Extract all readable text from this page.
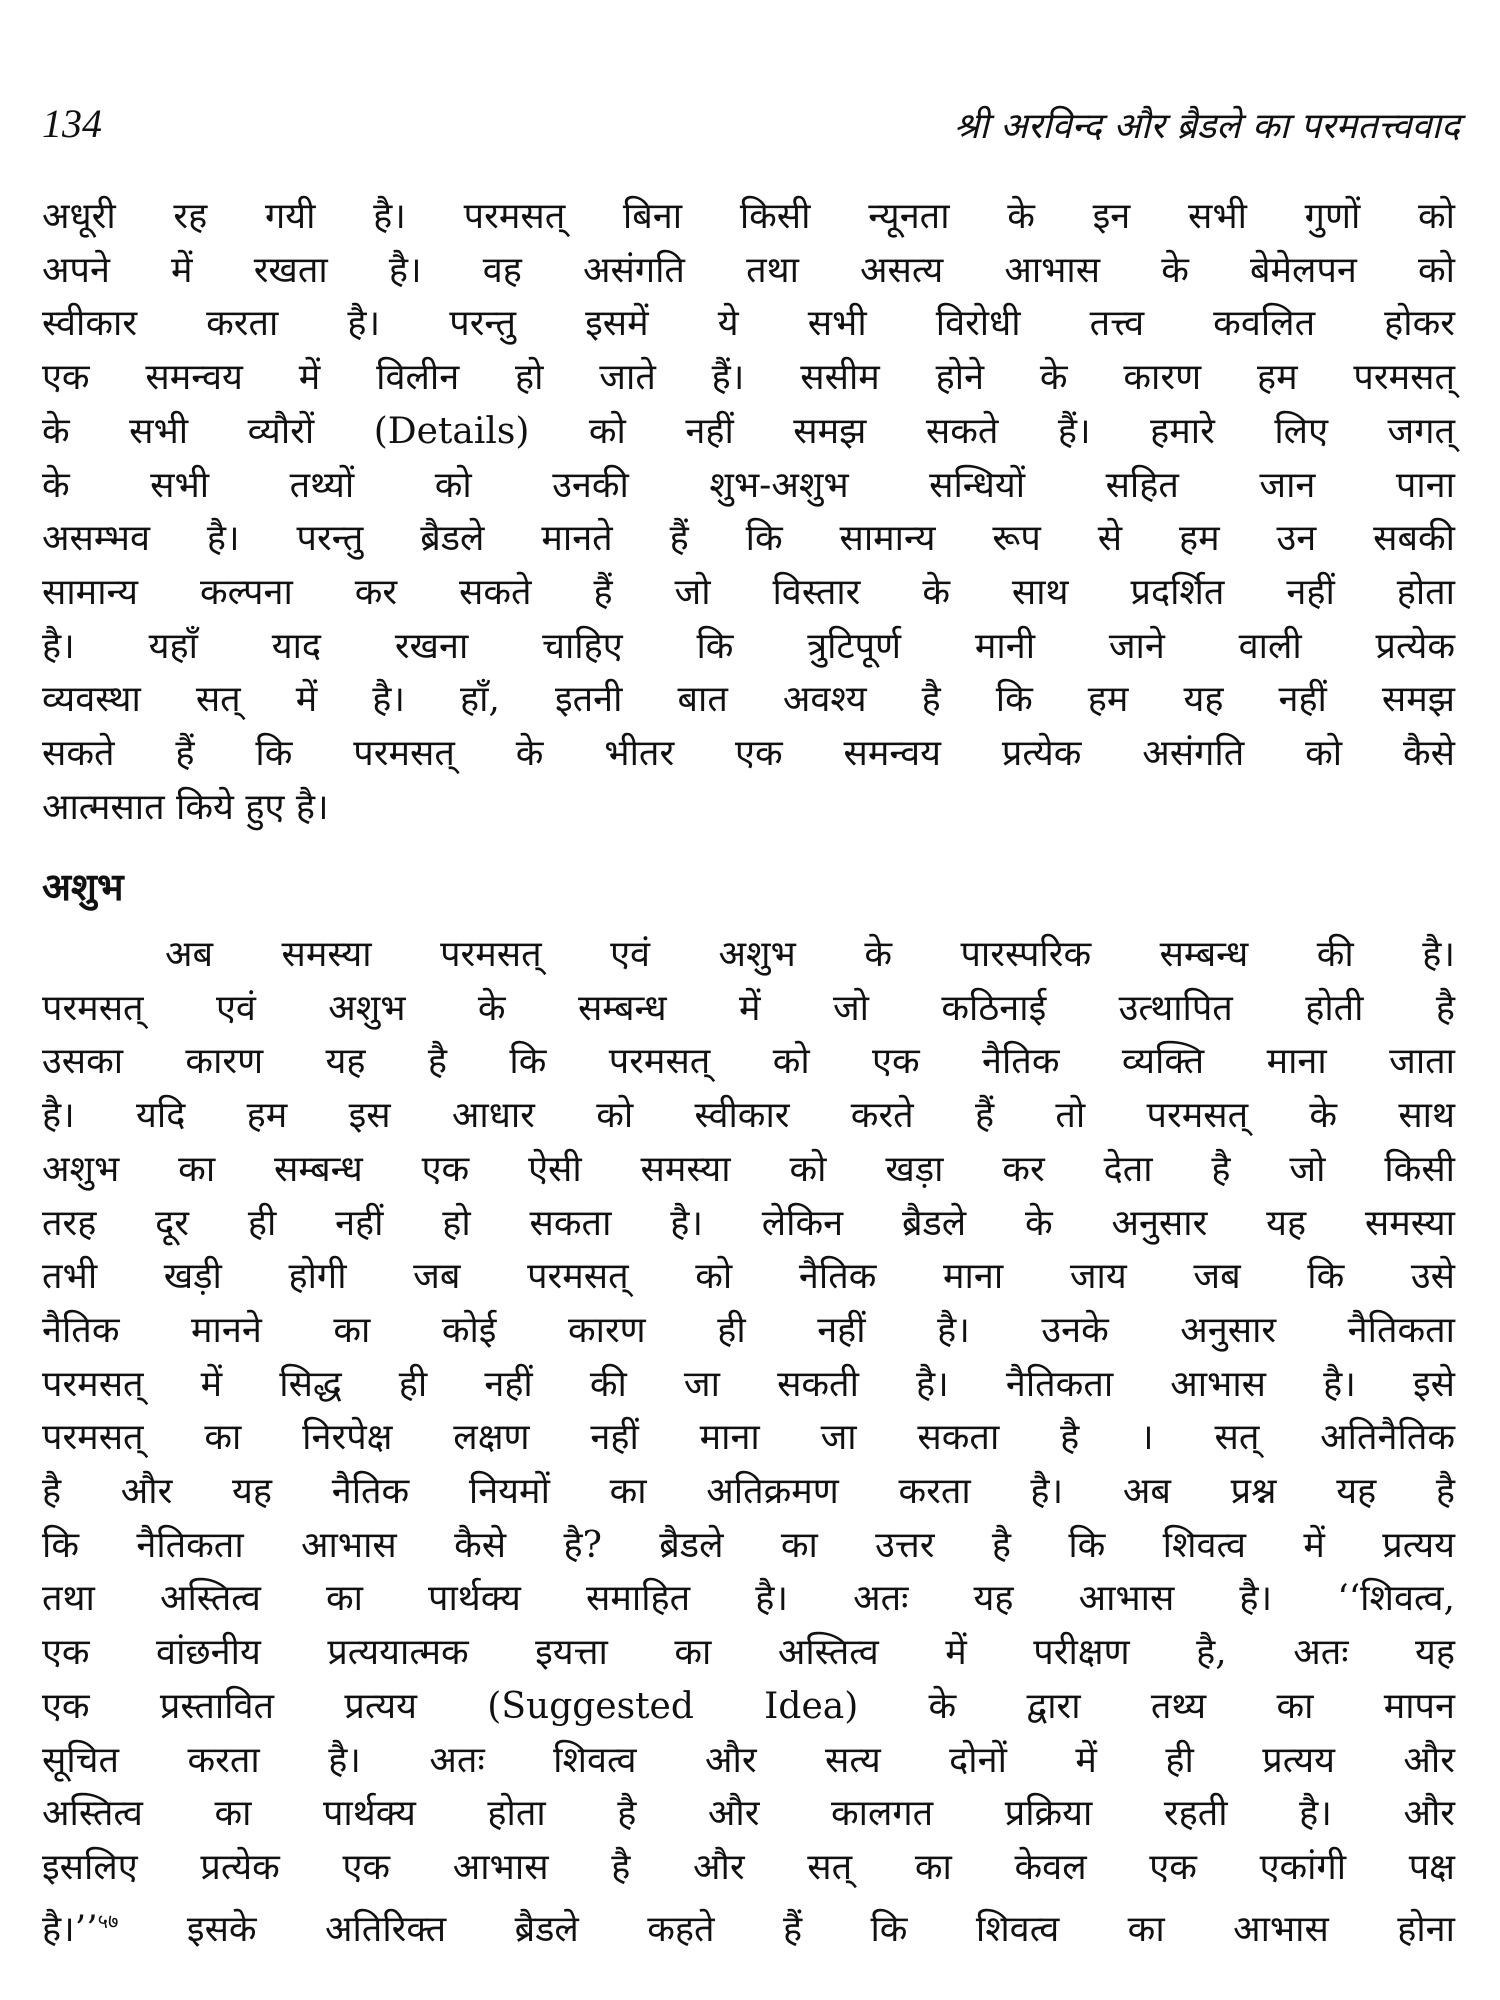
134	श्री अरविन्द और ब्रैडले का परमतत्त्ववाद
अधूरी रह गयी है। परमसत् बिना किसी न्यूनता के इन सभी गुणों को
अपने में रखता है। वह असंगति तथा असत्य आभास के बेमेलपन को
स्वीकार करता है। परन्तु इसमें ये सभी विरोधी तत्त्व कवलित होकर
एक समन्वय में विलीन हो जाते हैं। ससीम होने के कारण हम परमसत्
के सभी व्यौरों (Details) को नहीं समझ सकते हैं। हमारे लिए जगत्
के सभी तथ्यों को उनकी शुभ-अशुभ सन्धियों सहित जान पाना
असम्भव है। परन्तु ब्रैडले मानते हैं कि सामान्य रूप से हम उन सबकी
सामान्य कल्पना कर सकते हैं जो विस्तार के साथ प्रदर्शित नहीं होता
है। यहाँ याद रखना चाहिए कि त्रुटिपूर्ण मानी जाने वाली प्रत्येक
व्यवस्था सत् में है। हाँ, इतनी बात अवश्य है कि हम यह नहीं समझ
सकते हैं कि परमसत् के भीतर एक समन्वय प्रत्येक असंगति को कैसे
आत्मसात किये हुए है।
अशुभ
अब समस्या परमसत् एवं अशुभ के पारस्परिक सम्बन्ध की है।
परमसत् एवं अशुभ के सम्बन्ध में जो कठिनाई उत्थापित होती है
उसका कारण यह है कि परमसत् को एक नैतिक व्यक्ति माना जाता
है। यदि हम इस आधार को स्वीकार करते हैं तो परमसत् के साथ
अशुभ का सम्बन्ध एक ऐसी समस्या को खड़ा कर देता है जो किसी
तरह दूर ही नहीं हो सकता है। लेकिन ब्रैडले के अनुसार यह समस्या
तभी खड़ी होगी जब परमसत् को नैतिक माना जाय जब कि उसे
नैतिक मानने का कोई कारण ही नहीं है। उनके अनुसार नैतिकता
परमसत् में सिद्ध ही नहीं की जा सकती है। नैतिकता आभास है। इसे
परमसत् का निरपेक्ष लक्षण नहीं माना जा सकता है । सत् अतिनैतिक
है और यह नैतिक नियमों का अतिक्रमण करता है। अब प्रश्न यह है
कि नैतिकता आभास कैसे है? ब्रैडले का उत्तर है कि शिवत्व में प्रत्यय
तथा अस्तित्व का पार्थक्य समाहित है। अतः यह आभास है। ‘‘शिवत्व,
एक वांछनीय प्रत्ययात्मक इयत्ता का अस्तित्व में परीक्षण है, अतः यह
एक प्रस्तावित प्रत्यय (Suggested Idea) के द्वारा तथ्य का मापन
सूचित करता है। अतः शिवत्व और सत्य दोनों में ही प्रत्यय और
अस्तित्व का पार्थक्य होता है और कालगत प्रक्रिया रहती है। और
इसलिए प्रत्येक एक आभास है और सत् का केवल एक एकांगी पक्ष
है।’’$^{५७}$ इसके अतिरिक्त ब्रैडले कहते हैं कि शिवत्व का आभास होना
